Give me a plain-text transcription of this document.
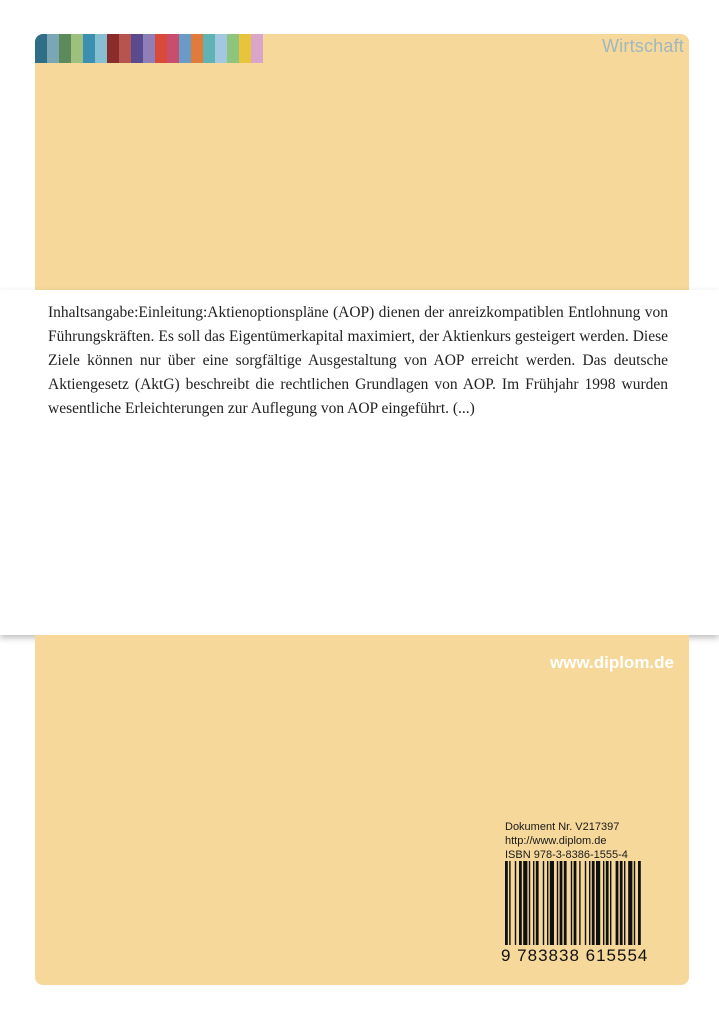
Wirtschaft

Inhaltsangabe:Einleitung:Aktienoptionspläne (AOP) dienen der anreizkompatiblen Entlohnung von Führungskräften. Es soll das Eigentümerkapital maximiert, der Aktienkurs gesteigert werden. Diese Ziele können nur über eine sorgfältige Ausgestaltung von AOP erreicht werden. Das deutsche Aktiengesetz (AktG) beschreibt die rechtlichen Grundlagen von AOP. Im Frühjahr 1998 wurden wesentliche Erleichterungen zur Auflegung von AOP eingeführt. (...)

www.diplom.de
Dokument Nr. V217397
http://www.diplom.de
ISBN 978-3-8386-1555-4
9 783838 615554
